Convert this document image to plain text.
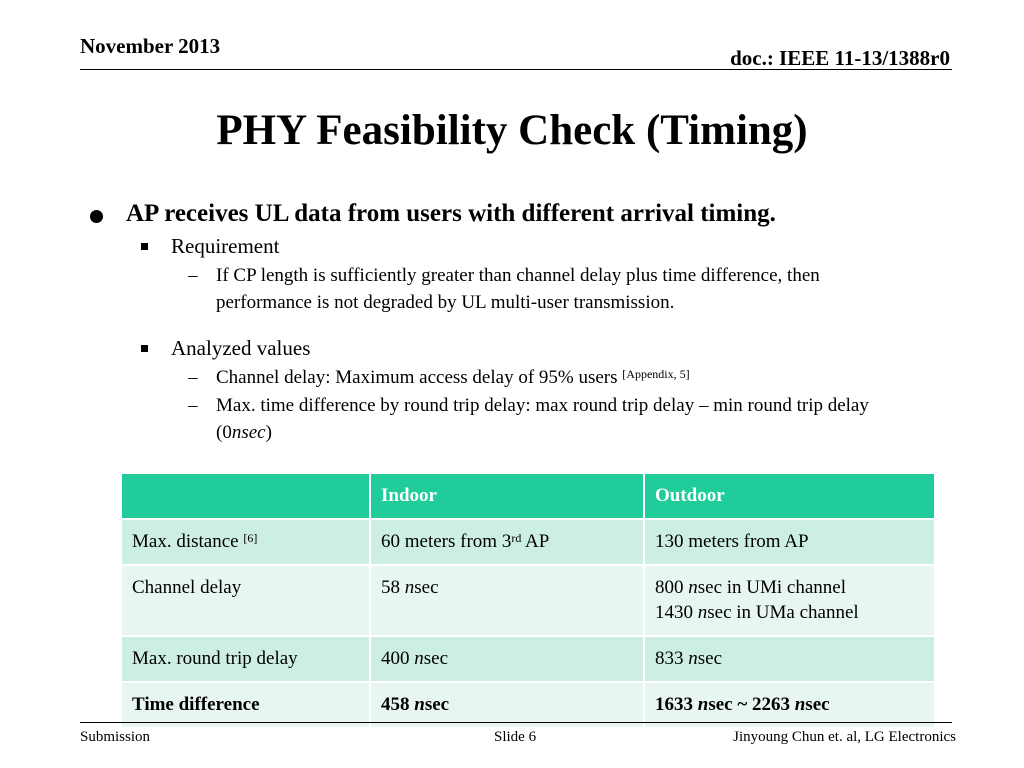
November 2013	doc.: IEEE 11-13/1388r0
PHY Feasibility Check (Timing)
AP receives UL data from users with different arrival timing.
Requirement
– If CP length is sufficiently greater than channel delay plus time difference, then performance is not degraded by UL multi-user transmission.
Analyzed values
– Channel delay: Maximum access delay of 95% users [Appendix, 5]
– Max. time difference by round trip delay: max round trip delay – min round trip delay (0nsec)
	Indoor	Outdoor
Max. distance [6]	60 meters from 3rd AP	130 meters from AP
Channel delay	58 nsec	800 nsec in UMi channel
1430 nsec in UMa channel
Max. round trip delay	400 nsec	833 nsec
Time difference	458 nsec	1633 nsec ~ 2263 nsec
Submission	Slide 6	Jinyoung Chun et. al, LG Electronics
